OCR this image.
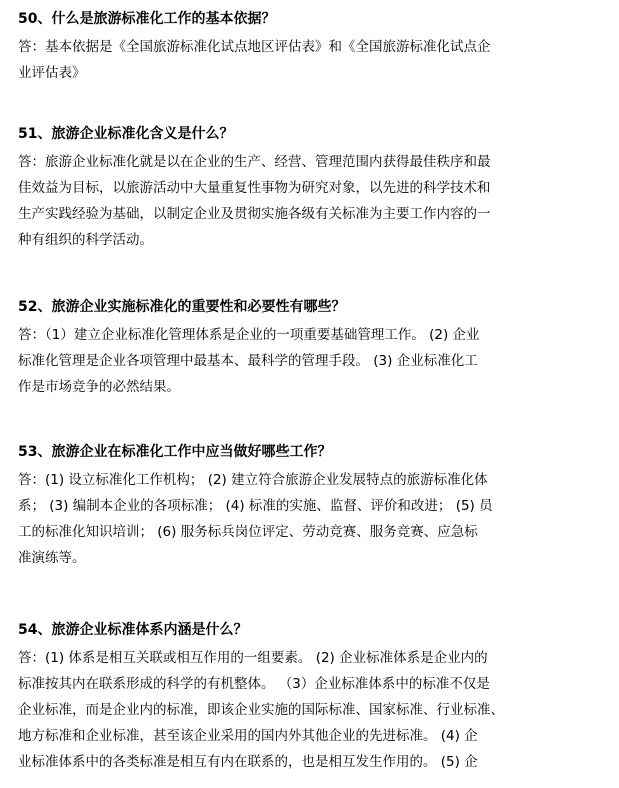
50、什么是旅游标准化工作的基本依据？
答：基本依据是《全国旅游标准化试点地区评估表》和《全国旅游标准化试点企
业评估表》
51、旅游企业标准化含义是什么？
答：旅游企业标准化就是以在企业的生产、经营、管理范围内获得最佳秩序和最
佳效益为目标，以旅游活动中大量重复性事物为研究对象，以先进的科学技术和
生产实践经验为基础，以制定企业及贯彻实施各级有关标准为主要工作内容的一
种有组织的科学活动。
52、旅游企业实施标准化的重要性和必要性有哪些？
答：（1）建立企业标准化管理体系是企业的一项重要基础管理工作。 (2) 企业
标准化管理是企业各项管理中最基本、最科学的管理手段。 (3) 企业标准化工
作是市场竞争的必然结果。
53、旅游企业在标准化工作中应当做好哪些工作？
答：(1) 设立标准化工作机构； (2) 建立符合旅游企业发展特点的旅游标准化体
系； (3) 编制本企业的各项标准； (4) 标准的实施、监督、评价和改进； (5) 员
工的标准化知识培训； (6) 服务标兵岗位评定、劳动竞赛、服务竞赛、应急标
准演练等。
54、旅游企业标准体系内涵是什么？
答：(1) 体系是相互关联或相互作用的一组要素。 (2) 企业标准体系是企业内的
标准按其内在联系形成的科学的有机整体。 （3）企业标准体系中的标准不仅是
企业标准，而是企业内的标准，即该企业实施的国际标准、国家标准、行业标准、
地方标准和企业标准，甚至该企业采用的国内外其他企业的先进标准。 (4) 企
业标准体系中的各类标准是相互有内在联系的，也是相互发生作用的。 (5) 企
